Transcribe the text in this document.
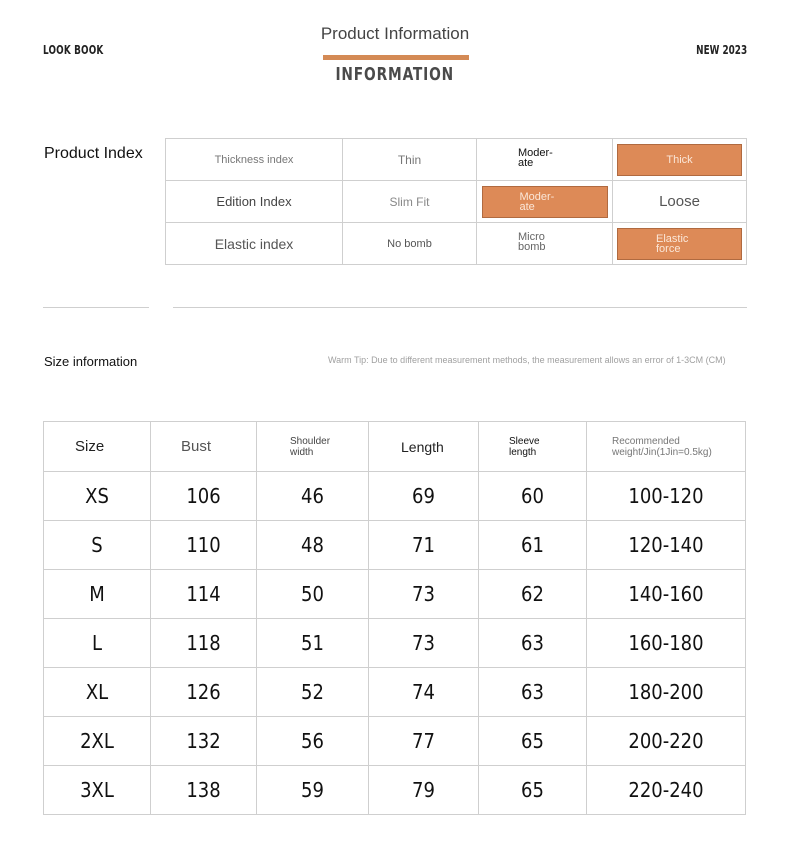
LOOK BOOK	NEW 2023
Product Information
INFORMATION
Product Index	Thickness index	Thin	Moder-
ate	Thick

Edition Index	Slim Fit	Moder-
ate	Loose
Elastic index	No bomb	Micro
bomb	Elastic
force
Size information	Warm Tip: Due to different measurement methods, the measurement allows an error of 1-3CM (CM)
Size	Bust	Shoulder
width	Length	Sleeve
length	Recommended
weight/Jin(1Jin=0.5kg)

XS	106	46	69	60	100-120
S	110	48	71	61	120-140
M	114	50	73	62	140-160
L	118	51	73	63	160-180
XL	126	52	74	63	180-200
2XL	132	56	77	65	200-220
3XL	138	59	79	65	220-240
